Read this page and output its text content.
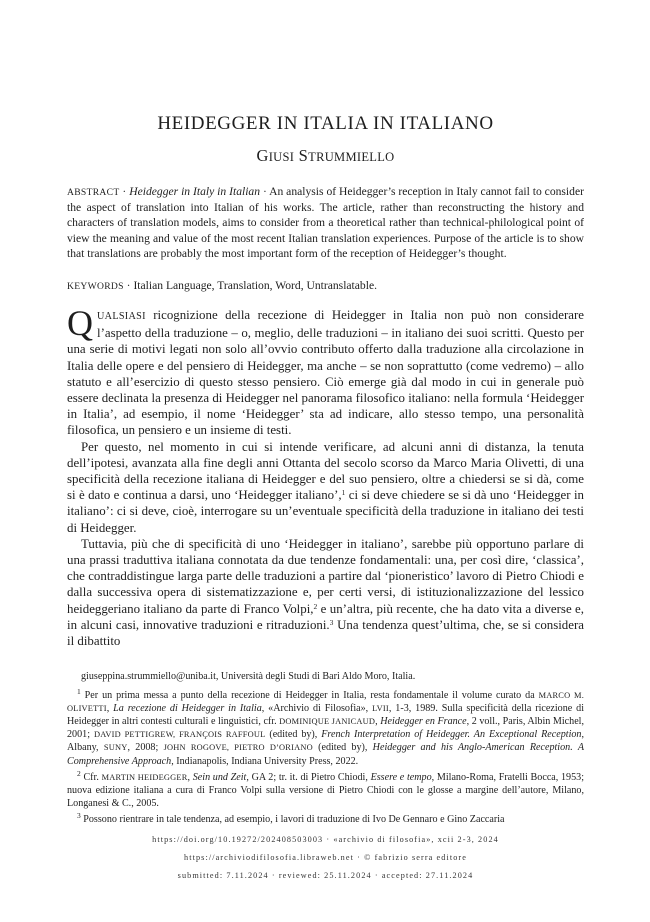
HEIDEGGER IN ITALIA IN ITALIANO
GIUSI STRUMMIELLO
ABSTRACT · Heidegger in Italy in Italian · An analysis of Heidegger’s reception in Italy cannot fail to consider the aspect of translation into Italian of his works. The article, rather than reconstructing the history and characters of translation models, aims to consider from a theoretical rather than technical-philological point of view the meaning and value of the most recent Italian translation experiences. Purpose of the article is to show that translations are probably the most important form of the reception of Heidegger’s thought.
KEYWORDS · Italian Language, Translation, Word, Untranslatable.

QUALSIASI ricognizione della recezione di Heidegger in Italia non può non considerare l’aspetto della traduzione – o, meglio, delle traduzioni – in italiano dei suoi scritti. Questo per una serie di motivi legati non solo all’ovvio contributo offerto dalla traduzione alla circolazione in Italia delle opere e del pensiero di Heidegger, ma anche – se non soprattutto (come vedremo) – allo statuto e all’esercizio di questo stesso pensiero. Ciò emerge già dal modo in cui in generale può essere declinata la presenza di Heidegger nel panorama filosofico italiano: nella formula ‘Heidegger in Italia’, ad esempio, il nome ‘Heidegger’ sta ad indicare, allo stesso tempo, una personalità filosofica, un pensiero e un insieme di testi.

Per questo, nel momento in cui si intende verificare, ad alcuni anni di distanza, la tenuta dell’ipotesi, avanzata alla fine degli anni Ottanta del secolo scorso da Marco Maria Olivetti, di una specificità della recezione italiana di Heidegger e del suo pensiero, oltre a chiedersi se si dà, come si è dato e continua a darsi, uno ‘Heidegger italiano’,$^1$ ci si deve chiedere se si dà uno ‘Heidegger in italiano’: ci si deve, cioè, interrogare su un’eventuale specificità della traduzione in italiano dei testi di Heidegger.

Tuttavia, più che di specificità di uno ‘Heidegger in italiano’, sarebbe più opportuno parlare di una prassi traduttiva italiana connotata da due tendenze fondamentali: una, per così dire, ‘classica’, che contraddistingue larga parte delle traduzioni a partire dal ‘pioneristico’ lavoro di Pietro Chiodi e dalla successiva opera di sistematizzazione e, per certi versi, di istituzionalizzazione del lessico heideggeriano italiano da parte di Franco Volpi,$^2$ e un’altra, più recente, che ha dato vita a diverse e, in alcuni casi, innovative traduzioni e ritraduzioni.$^3$ Una tendenza quest’ultima, che, se si considera il dibattito

giuseppina.strummiello@uniba.it, Università degli Studi di Bari Aldo Moro, Italia.

$^1$ Per un prima messa a punto della recezione di Heidegger in Italia, resta fondamentale il volume curato da MARCO M. OLIVETTI, La recezione di Heidegger in Italia, «Archivio di Filosofia», LVII, 1-3, 1989. Sulla specificità della ricezione di Heidegger in altri contesti culturali e linguistici, cfr. DOMINIQUE JANICAUD, Heidegger en France, 2 voll., Paris, Albin Michel, 2001; DAVID PETTIGREW, FRANÇOIS RAFFOUL (edited by), French Interpretation of Heidegger. An Exceptional Reception, Albany, SUNY, 2008; JOHN ROGOVE, PIETRO D’ORIANO (edited by), Heidegger and his Anglo-American Reception. A Comprehensive Approach, Indianapolis, Indiana University Press, 2022.

$^2$ Cfr. MARTIN HEIDEGGER, Sein und Zeit, GA 2; tr. it. di Pietro Chiodi, Essere e tempo, Milano-Roma, Fratelli Bocca, 1953; nuova edizione italiana a cura di Franco Volpi sulla versione di Pietro Chiodi con le glosse a margine dell’autore, Milano, Longanesi & C., 2005.

$^3$ Possono rientrare in tale tendenza, ad esempio, i lavori di traduzione di Ivo De Gennaro e Gino Zaccaria

https://doi.org/10.19272/202408503003 · «archivio di filosofia», xcii 2-3, 2024
https://archiviodifilosofia.libraweb.net · © fabrizio serra editore
submitted: 7.11.2024 · reviewed: 25.11.2024 · accepted: 27.11.2024
